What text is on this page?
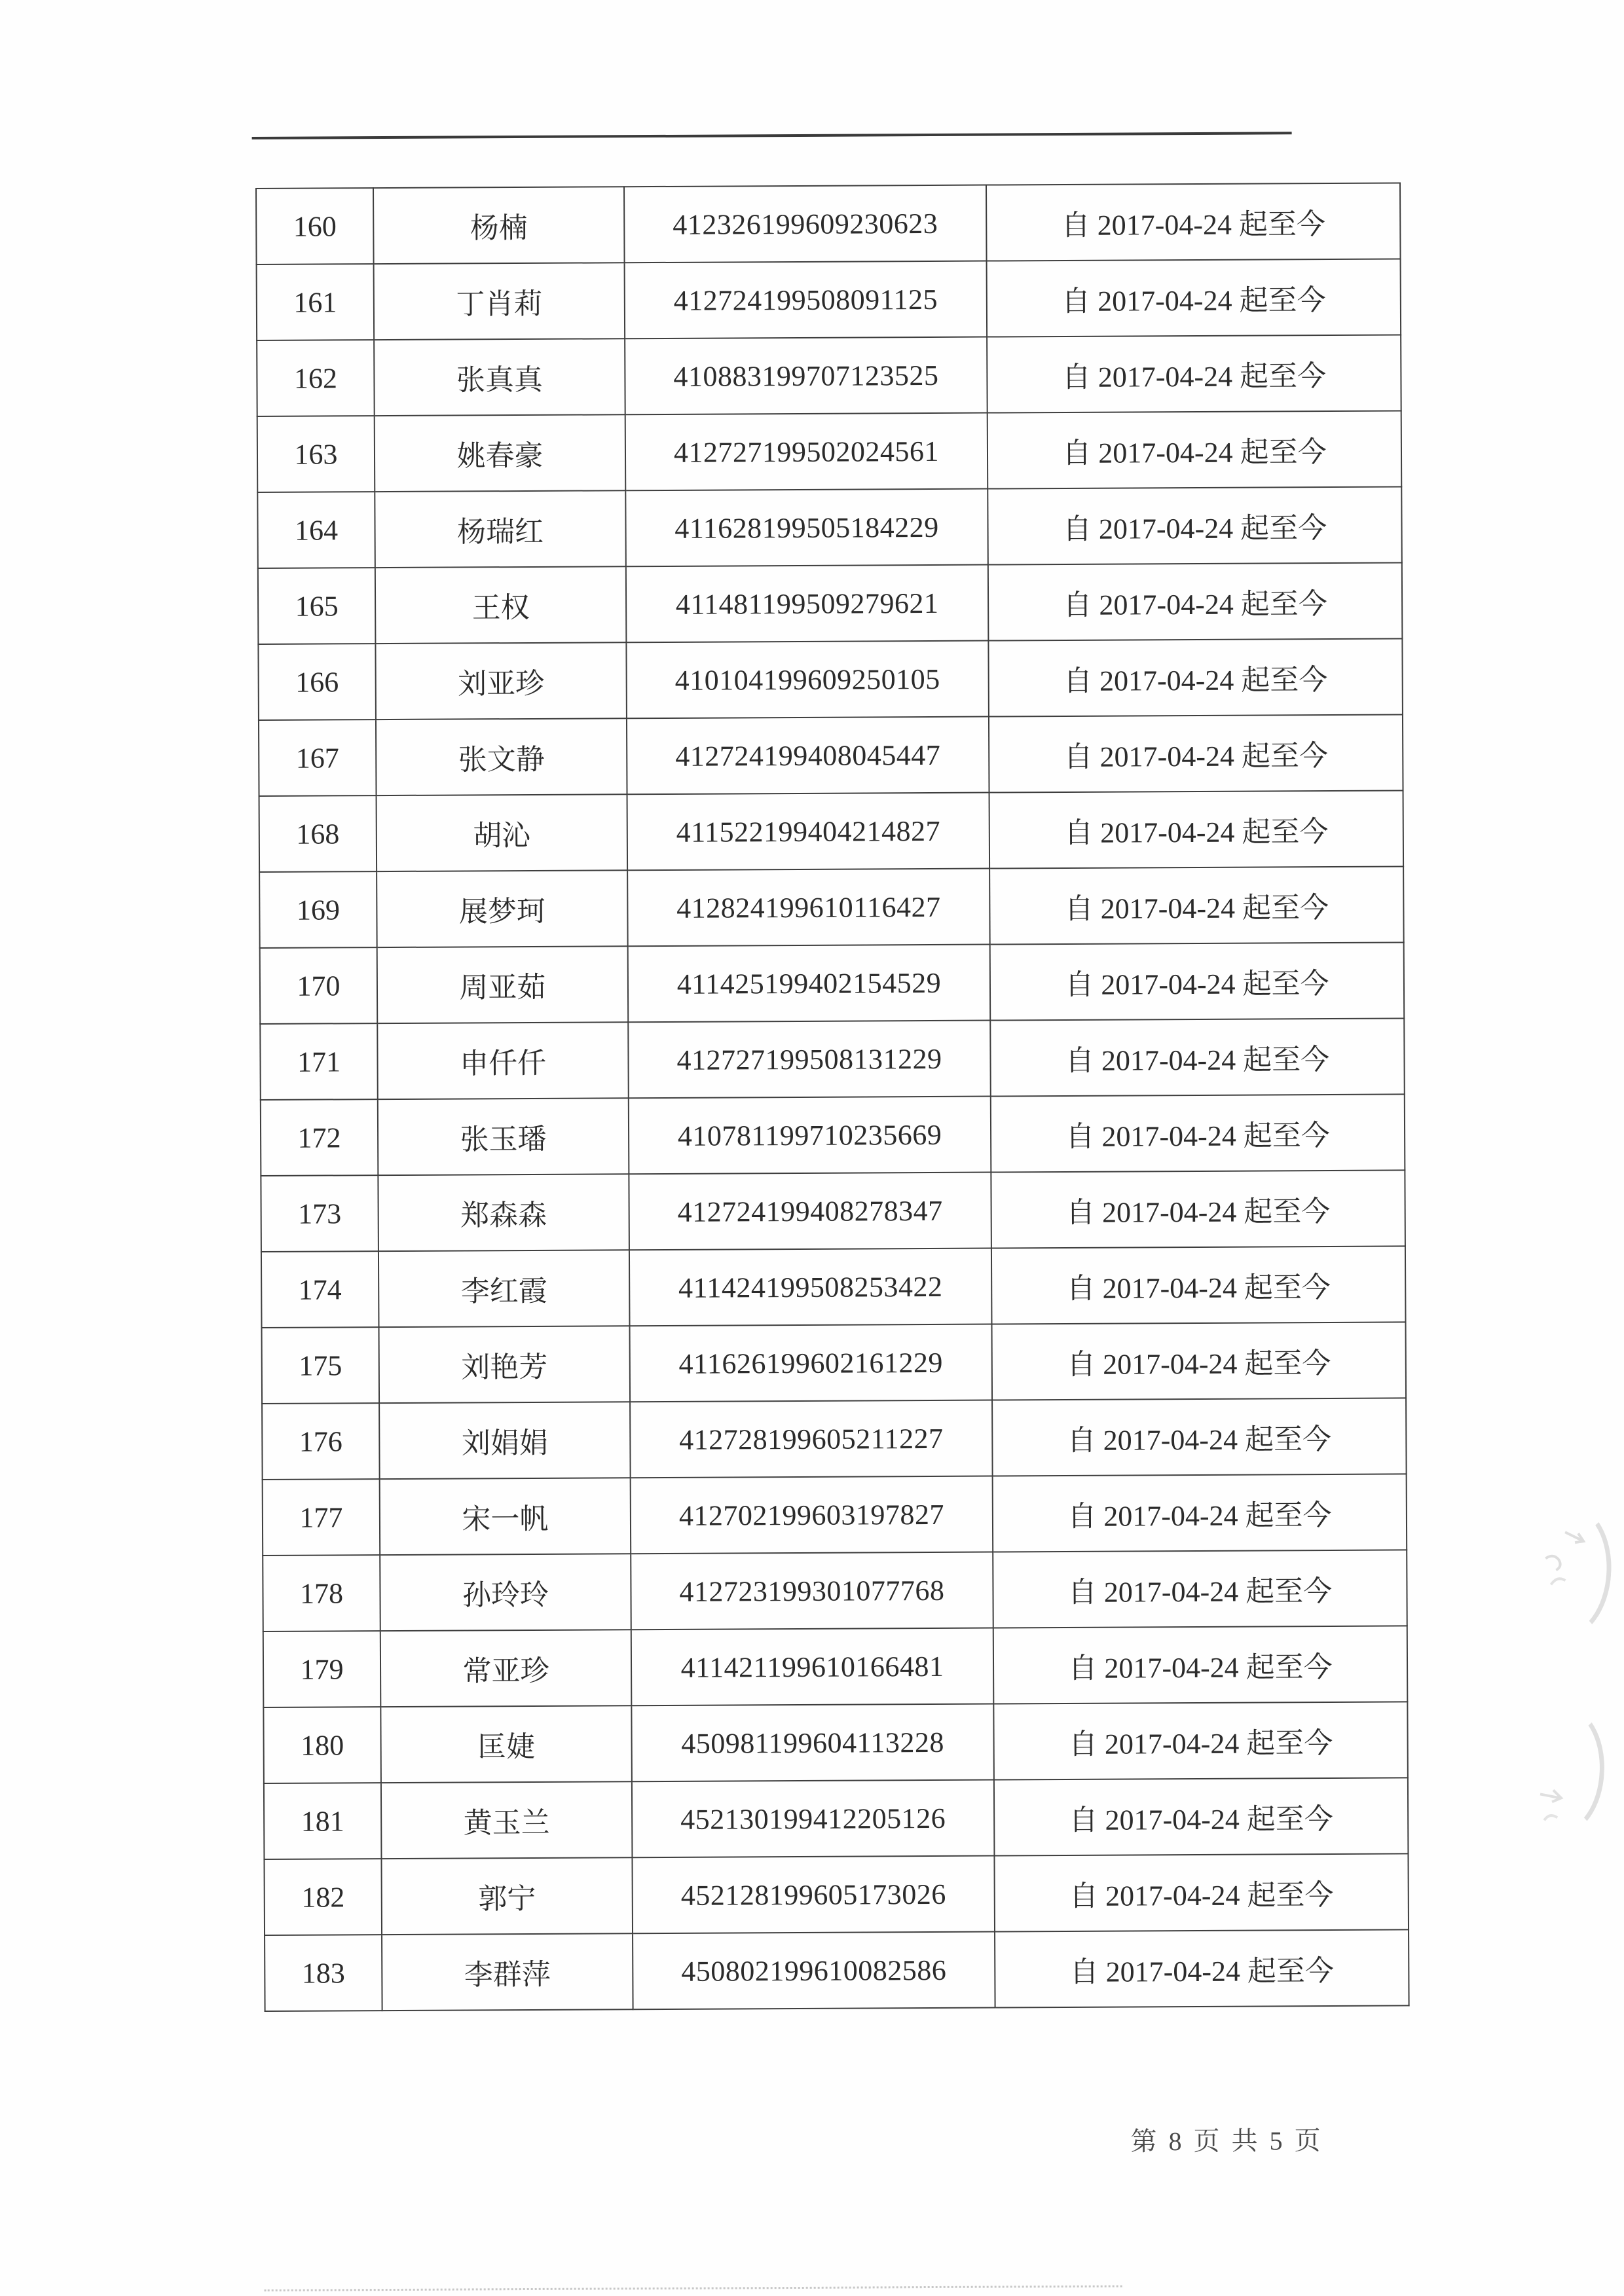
160	杨楠	412326199609230623	自 2017-04-24 起至今
161	丁肖莉	412724199508091125	自 2017-04-24 起至今
162	张真真	410883199707123525	自 2017-04-24 起至今
163	姚春豪	412727199502024561	自 2017-04-24 起至今
164	杨瑞红	411628199505184229	自 2017-04-24 起至今
165	王权	411481199509279621	自 2017-04-24 起至今
166	刘亚珍	410104199609250105	自 2017-04-24 起至今
167	张文静	412724199408045447	自 2017-04-24 起至今
168	胡沁	411522199404214827	自 2017-04-24 起至今
169	展梦珂	412824199610116427	自 2017-04-24 起至今
170	周亚茹	411425199402154529	自 2017-04-24 起至今
171	申仟仟	412727199508131229	自 2017-04-24 起至今
172	张玉璠	410781199710235669	自 2017-04-24 起至今
173	郑森森	412724199408278347	自 2017-04-24 起至今
174	李红霞	411424199508253422	自 2017-04-24 起至今
175	刘艳芳	411626199602161229	自 2017-04-24 起至今
176	刘娟娟	412728199605211227	自 2017-04-24 起至今
177	宋一帆	412702199603197827	自 2017-04-24 起至今
178	孙玲玲	412723199301077768	自 2017-04-24 起至今
179	常亚珍	411421199610166481	自 2017-04-24 起至今
180	匡婕	450981199604113228	自 2017-04-24 起至今
181	黄玉兰	452130199412205126	自 2017-04-24 起至今
182	郭宁	452128199605173026	自 2017-04-24 起至今
183	李群萍	450802199610082586	自 2017-04-24 起至今
第 8 页 共 5 页
